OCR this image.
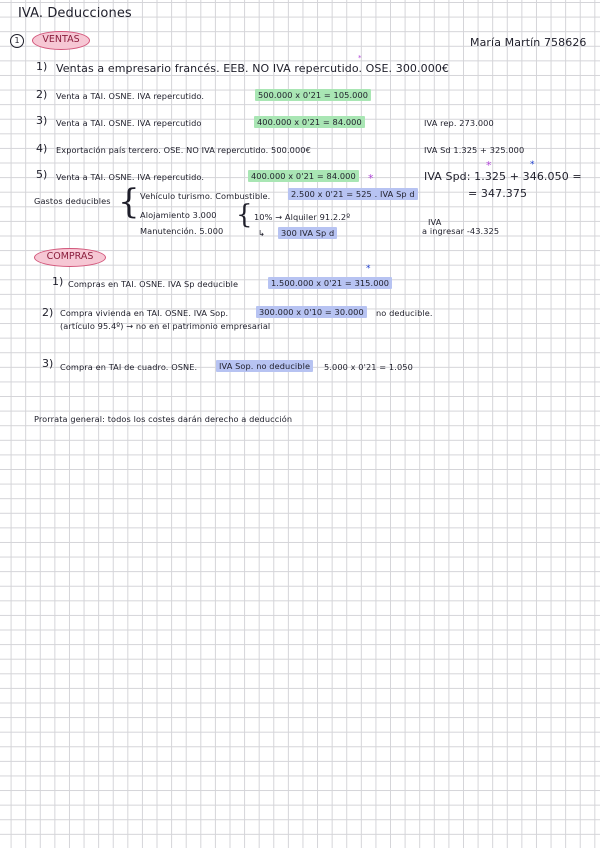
IVA. Deducciones
María Martín 758626
1	VENTAS
1) Ventas a empresario francés. EEB. NO IVA repercutido. OSE. 300.000€
2) Venta a TAI. OSNE. IVA repercutido.	500.000 x 0'21 = 105.000
3) Venta a TAI. OSNE. IVA repercutido	400.000 x 0'21 = 84.000
4) Exportación país tercero. OSE. NO IVA repercutido. 500.000€
5) Venta a TAI. OSNE. IVA repercutido.	400.000 x 0'21 = 84.000
IVA rep. 273.000
IVA Sd 1.325 + 325.000
IVA Spd: 1.325 + 346.050 =
= 347.375
IVA
a ingresar -43.325
*
*	*
*
Gastos deducibles { Vehículo turismo. Combustible.	2.500 x 0'21 = 525 . IVA Sp d
Alojamiento 3.000 { 10% → Alquiler 91.2.2º
Manutención. 5.000	↳	300 IVA Sp d
COMPRAS
1) Compras en TAI. OSNE. IVA Sp deducible	1.500.000 x 0'21 = 315.000
*
2) Compra vivienda en TAI. OSNE. IVA Sop.	300.000 x 0'10 = 30.000	no deducible.
(artículo 95.4º) → no en el patrimonio empresarial
3) Compra en TAI de cuadro. OSNE.	IVA Sop. no deducible	5.000 x 0'21 = 1.050
Prorrata general: todos los costes darán derecho a deducción
